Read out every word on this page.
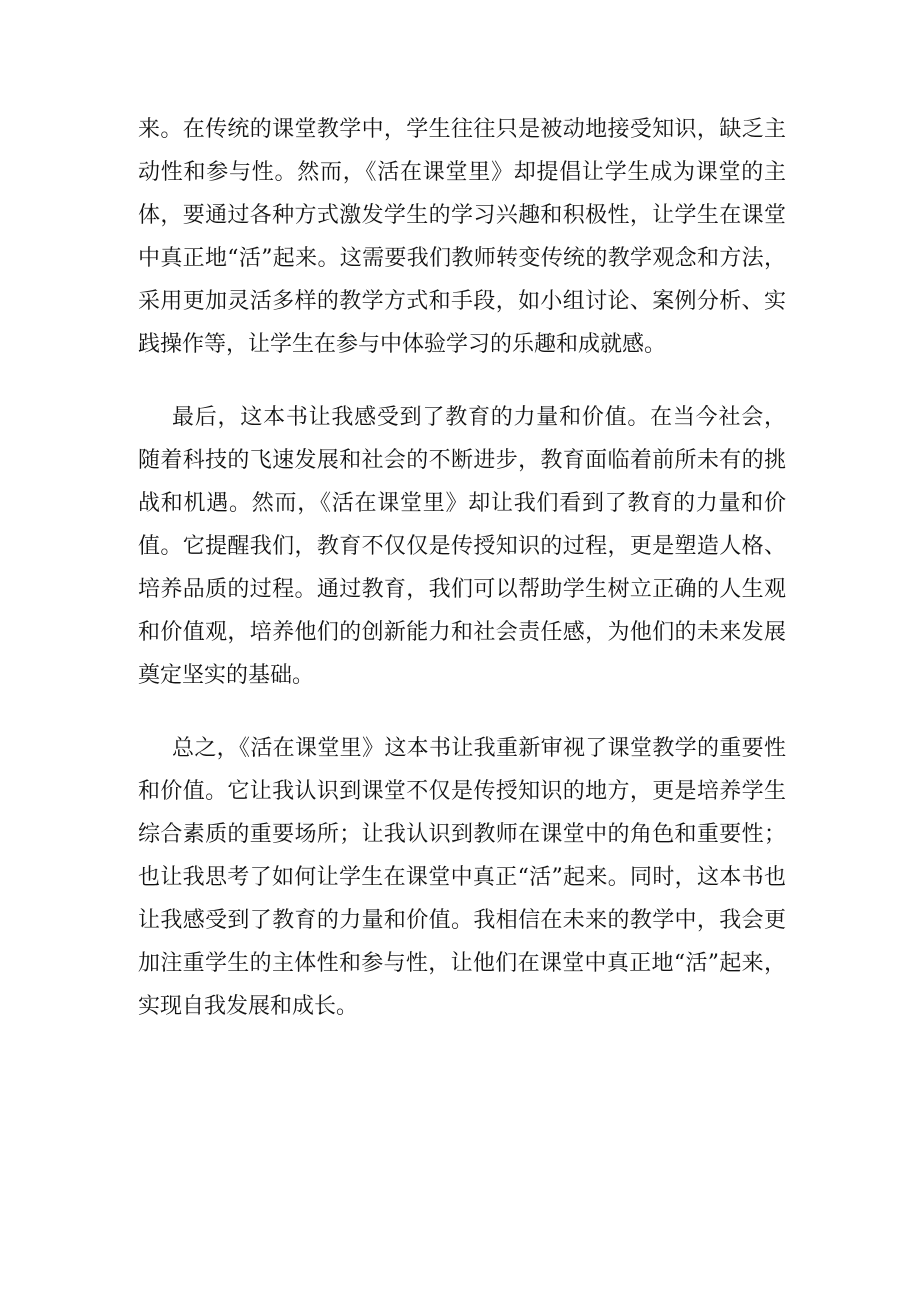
来。在传统的课堂教学中，学生往往只是被动地接受知识，缺乏主动性和参与性。然而，《活在课堂里》却提倡让学生成为课堂的主体，要通过各种方式激发学生的学习兴趣和积极性，让学生在课堂中真正地“活”起来。这需要我们教师转变传统的教学观念和方法，采用更加灵活多样的教学方式和手段，如小组讨论、案例分析、实践操作等，让学生在参与中体验学习的乐趣和成就感。

最后，这本书让我感受到了教育的力量和价值。在当今社会，随着科技的飞速发展和社会的不断进步，教育面临着前所未有的挑战和机遇。然而，《活在课堂里》却让我们看到了教育的力量和价值。它提醒我们，教育不仅仅是传授知识的过程，更是塑造人格、培养品质的过程。通过教育，我们可以帮助学生树立正确的人生观和价值观，培养他们的创新能力和社会责任感，为他们的未来发展奠定坚实的基础。

总之，《活在课堂里》这本书让我重新审视了课堂教学的重要性和价值。它让我认识到课堂不仅是传授知识的地方，更是培养学生综合素质的重要场所；让我认识到教师在课堂中的角色和重要性；也让我思考了如何让学生在课堂中真正“活”起来。同时，这本书也让我感受到了教育的力量和价值。我相信在未来的教学中，我会更加注重学生的主体性和参与性，让他们在课堂中真正地“活”起来，实现自我发展和成长。
